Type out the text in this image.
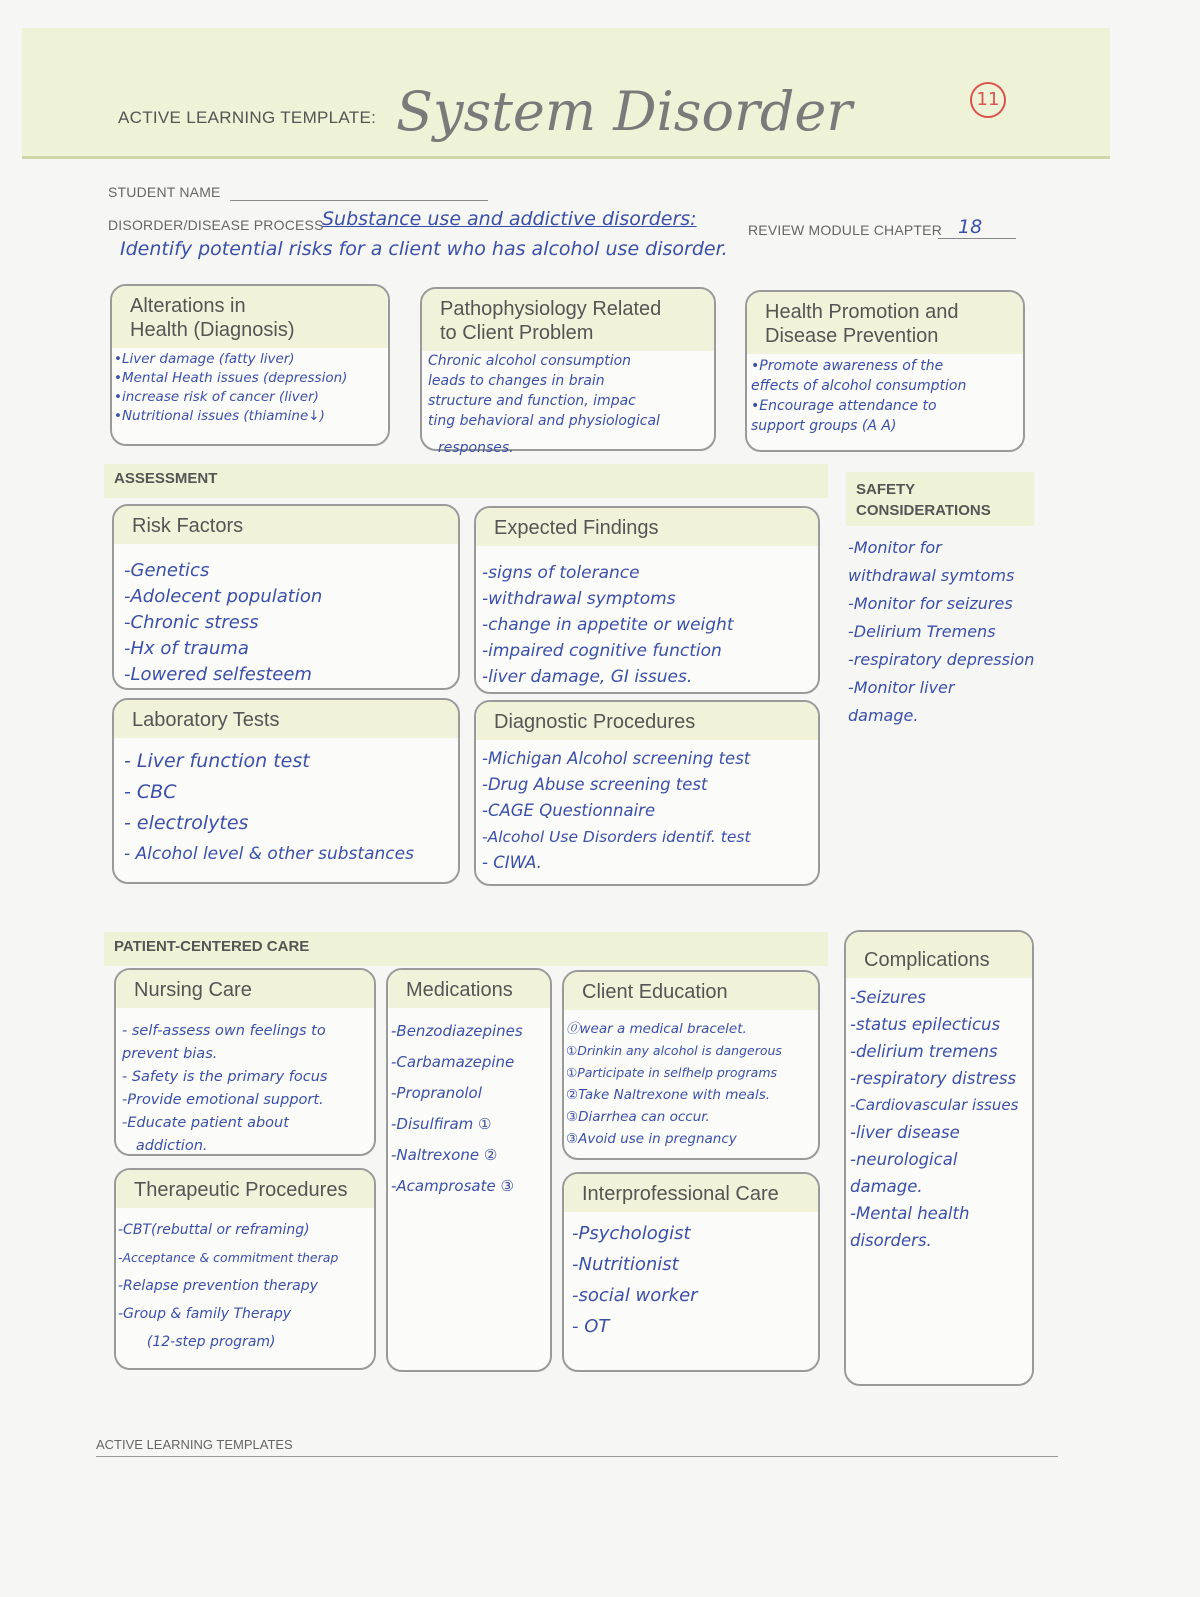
ACTIVE LEARNING TEMPLATE: System Disorder	11
STUDENT NAME
DISORDER/DISEASE PROCESS
Substance use and addictive disorders:	REVIEW MODULE CHAPTER 18
Identify potential risks for a client who has alcohol use disorder.
Alterations in
Health (Diagnosis)
•Liver damage (fatty liver)
•Mental Heath issues (depression)
•increase risk of cancer (liver)
•Nutritional issues (thiamine↓)
Pathophysiology Related
to Client Problem
Chronic alcohol consumption
leads to changes in brain
structure and function, impac
ting behavioral and physiological
responses.
Health Promotion and
Disease Prevention
•Promote awareness of the
effects of alcohol consumption
•Encourage attendance to
support groups (A A)
ASSESSMENT
SAFETY
CONSIDERATIONS
-Monitor for
withdrawal symtoms
-Monitor for seizures
-Delirium Tremens
-respiratory depression
-Monitor liver
damage.
Risk Factors
-Genetics
-Adolecent population
-Chronic stress
-Hx of trauma
-Lowered selfesteem
Expected Findings
-signs of tolerance
-withdrawal symptoms
-change in appetite or weight
-impaired cognitive function
-liver damage, GI issues.
Laboratory Tests
- Liver function test
- CBC
- electrolytes
- Alcohol level & other substances
Diagnostic Procedures
-Michigan Alcohol screening test
-Drug Abuse screening test
-CAGE Questionnaire
-Alcohol Use Disorders identif. test
- CIWA.
PATIENT-CENTERED CARE
Complications
-Seizures
-status epilecticus
-delirium tremens
-respiratory distress
-Cardiovascular issues
-liver disease
-neurological
damage.
-Mental health
disorders.
Nursing Care
- self-assess own feelings to
prevent bias.
- Safety is the primary focus
-Provide emotional support.
-Educate patient about
addiction.
Medications
-Benzodiazepines
-Carbamazepine
-Propranolol
-Disulfiram ①
-Naltrexone ②
-Acamprosate ③
Client Education
⓪wear a medical bracelet.
①Drinkin any alcohol is dangerous
①Participate in selfhelp programs
②Take Naltrexone with meals.
③Diarrhea can occur.
③Avoid use in pregnancy
Therapeutic Procedures
-CBT(rebuttal or reframing)
-Acceptance & commitment therap
-Relapse prevention therapy
-Group & family Therapy
(12-step program)
Interprofessional Care
-Psychologist
-Nutritionist
-social worker
- OT
ACTIVE LEARNING TEMPLATES
